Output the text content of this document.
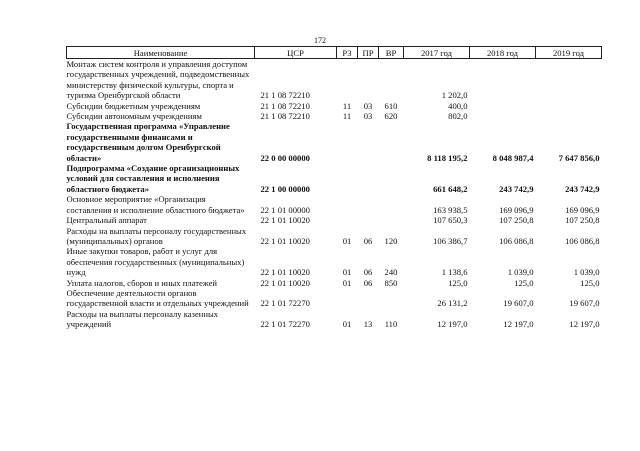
172
Наименование	ЦСР	РЗ	ПР	ВР	2017 год	2018 год	2019 год
Монтаж систем контроля и управления доступом государственных учреждений, подведомственных министерству физической культуры, спорта и туризма Оренбургской области	21 1 08 72210				1 202,0		
Субсидии бюджетным учреждениям	21 1 08 72210	11	03	610	400,0		
Субсидии автономным учреждениям	21 1 08 72210	11	03	620	802,0		
Государственная программа «Управление государственными финансами и государственным долгом Оренбургской области»	22 0 00 00000				8 118 195,2	8 048 987,4	7 647 856,0
Подпрограмма «Создание организационных условий для составления и исполнения областного бюджета»	22 1 00 00000				661 648,2	243 742,9	243 742,9
Основное мероприятие «Организация составления и исполнение областного бюджета»	22 1 01 00000				163 938,5	169 096,9	169 096,9
Центральный аппарат	22 1 01 10020				107 650,3	107 250,8	107 250,8
Расходы на выплаты персоналу государственных (муниципальных) органов	22 1 01 10020	01	06	120	106 386,7	106 086,8	106 086,8
Иные закупки товаров, работ и услуг для обеспечения государственных (муниципальных) нужд	22 1 01 10020	01	06	240	1 138,6	1 039,0	1 039,0
Уплата налогов, сборов и иных платежей	22 1 01 10020	01	06	850	125,0	125,0	125,0
Обеспечение деятельности органов государственной власти и отдельных учреждений	22 1 01 72270				26 131,2	19 607,0	19 607,0
Расходы на выплаты персоналу казенных учреждений	22 1 01 72270	01	13	110	12 197,0	12 197,0	12 197,0
